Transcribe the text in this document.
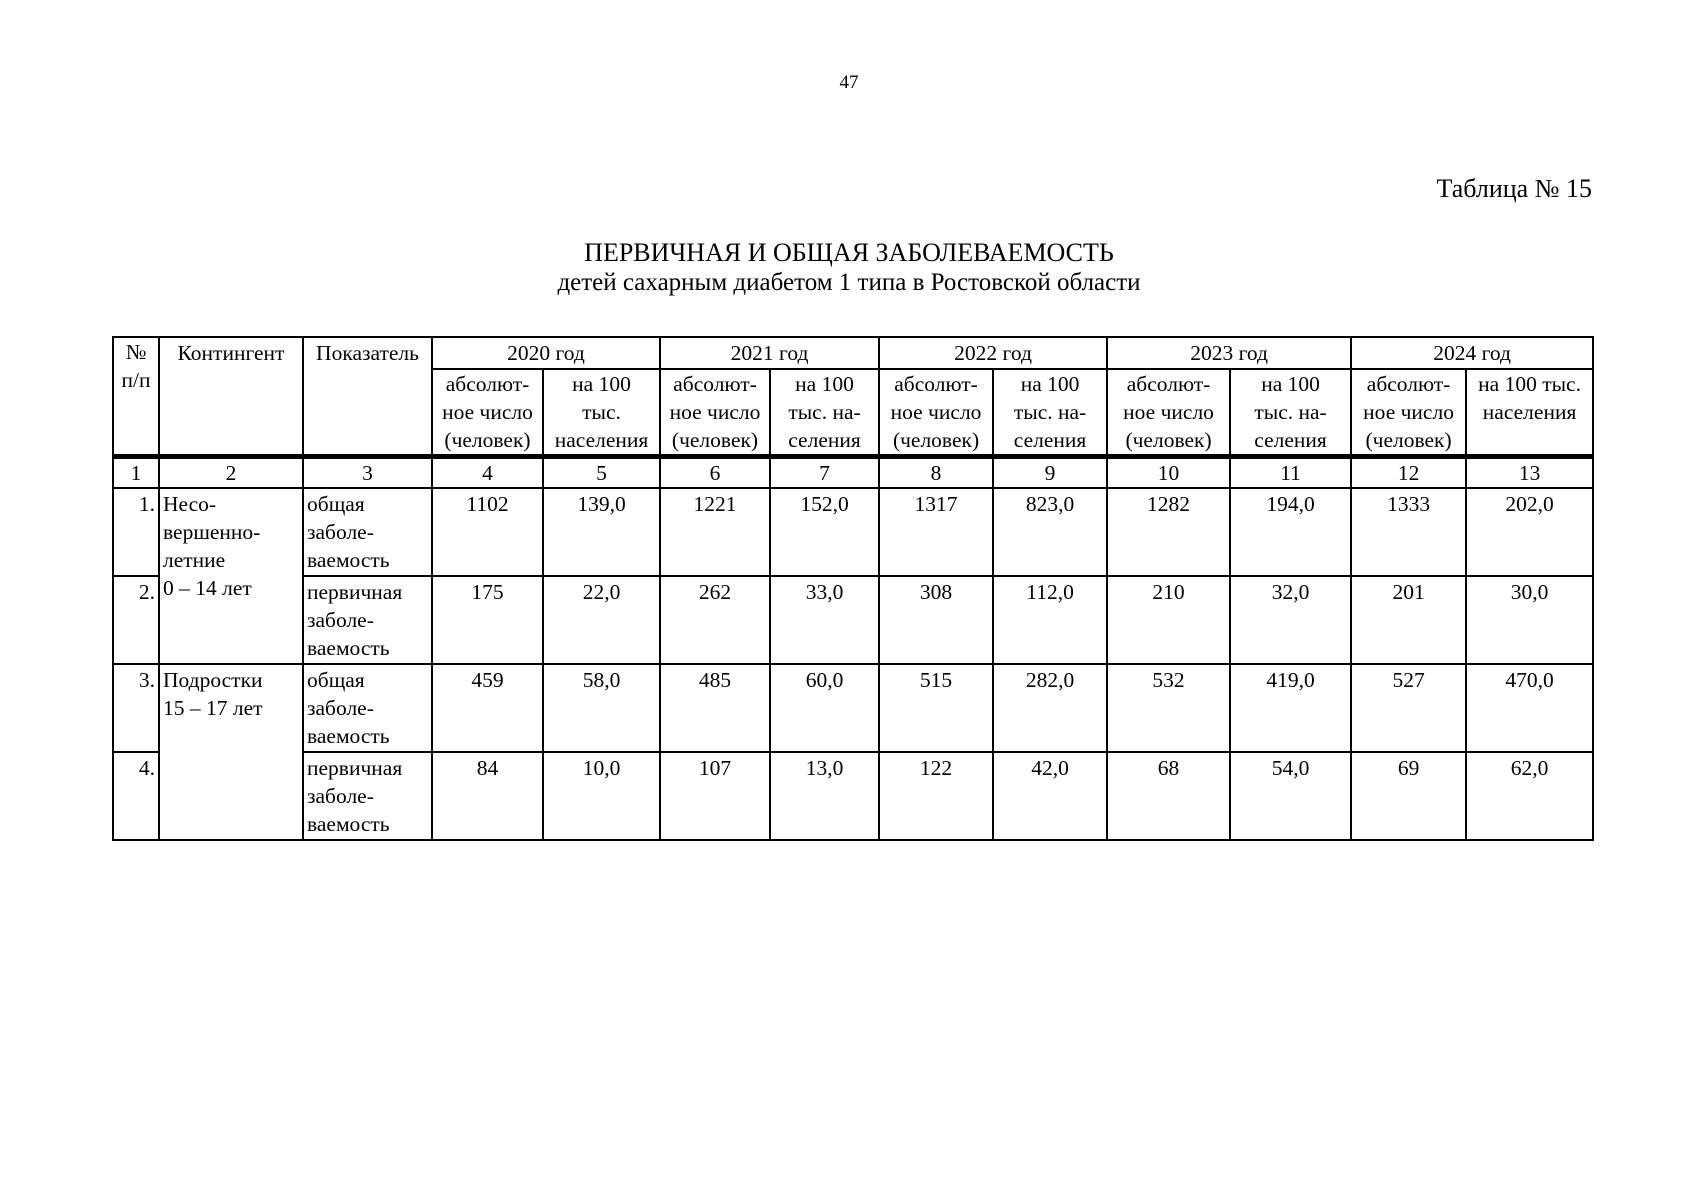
47
Таблица № 15
ПЕРВИЧНАЯ И ОБЩАЯ ЗАБОЛЕВАЕМОСТЬ
детей сахарным диабетом 1 типа в Ростовской области
№
п/п	Контингент	Показатель	2020 год		2021 год		2022 год		2023 год		2024 год	
			абсолют-
ное число
(человек)	на 100
тыс.
населения	абсолют-
ное число
(человек)	на 100
тыс. на-
селения	абсолют-
ное число
(человек)	на 100
тыс. на-
селения	абсолют-
ное число
(человек)	на 100
тыс. на-
селения	абсолют-
ное число
(человек)	на 100 тыс.
населения
1	2	3	4	5	6	7	8	9	10	11	12	13
1.	Несо-
вершенно-
летние
0 – 14 лет	общая
заболе-
ваемость	1102	139,0	1221	152,0	1317	823,0	1282	194,0	1333	202,0
2.		первичная
заболе-
ваемость	175	22,0	262	33,0	308	112,0	210	32,0	201	30,0
3.	Подростки
15 – 17 лет	общая
заболе-
ваемость	459	58,0	485	60,0	515	282,0	532	419,0	527	470,0
4.		первичная
заболе-
ваемость	84	10,0	107	13,0	122	42,0	68	54,0	69	62,0
